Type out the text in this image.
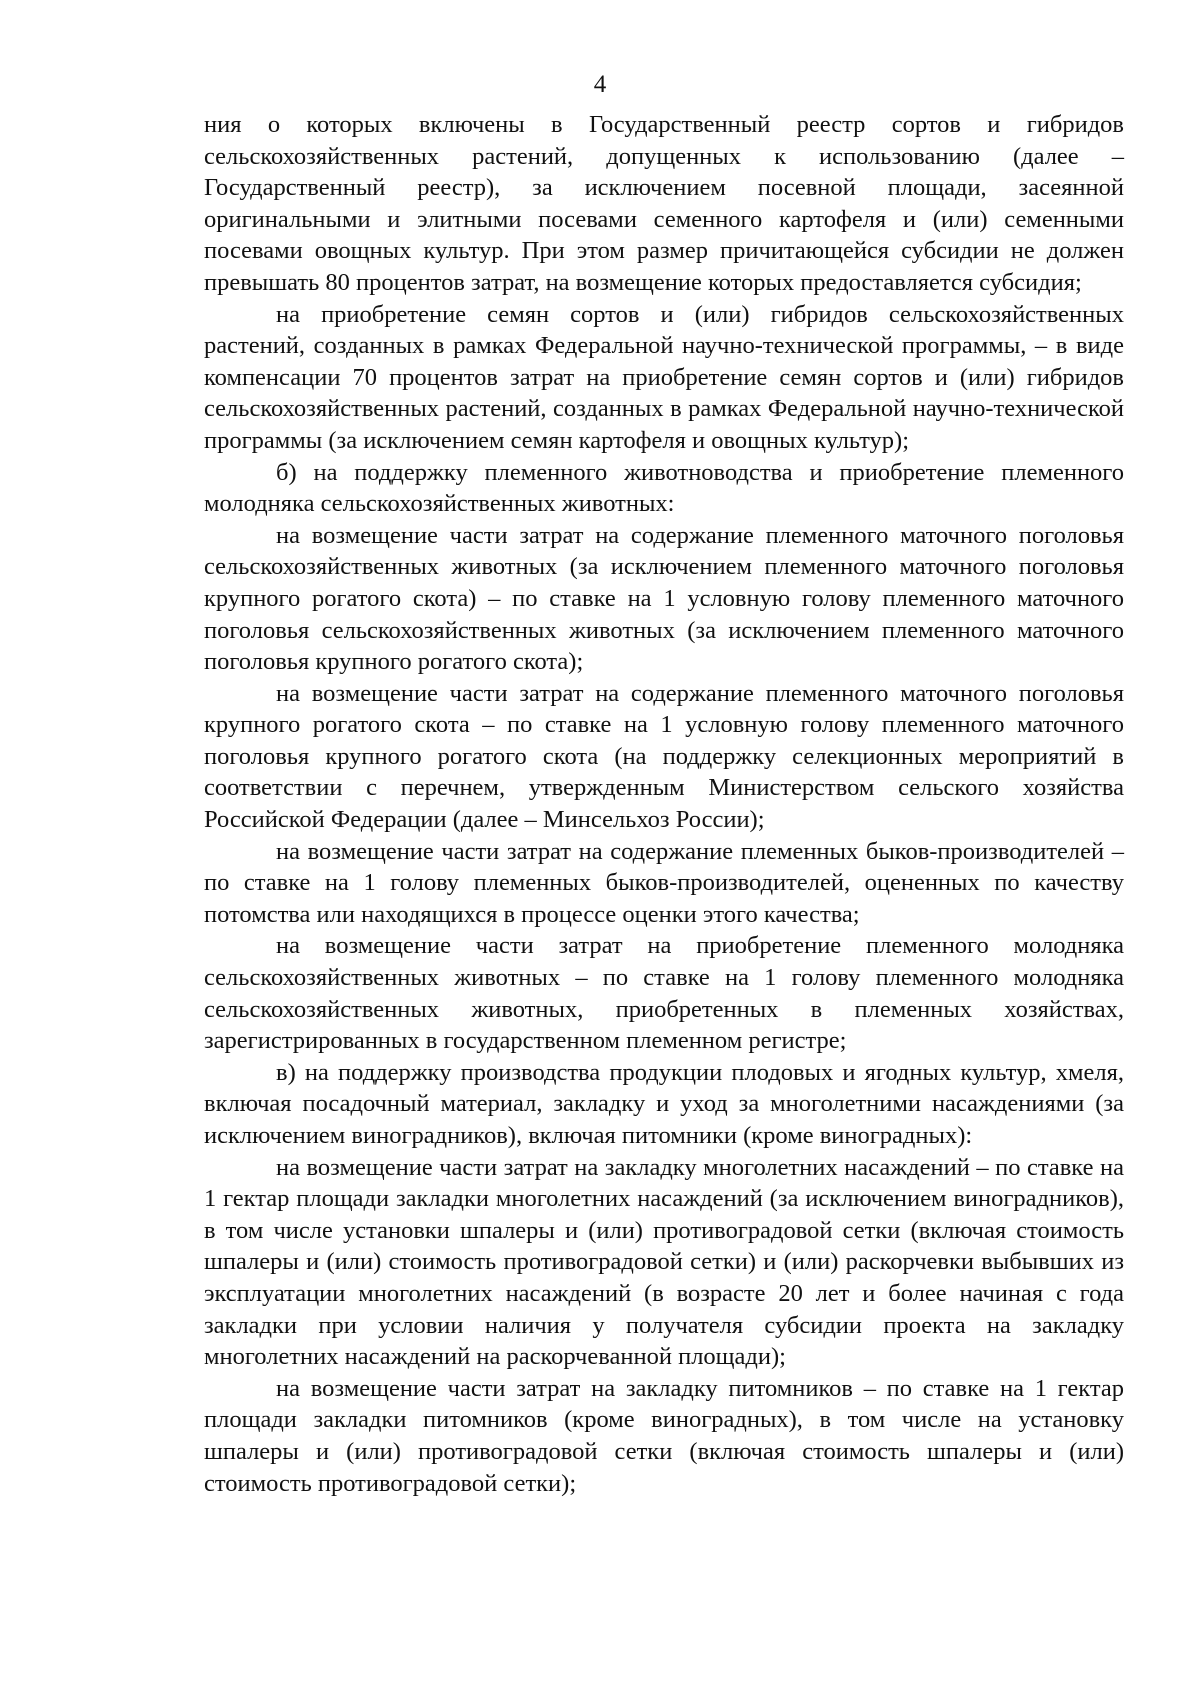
4

ния о которых включены в Государственный реестр сортов и гибридов сельскохозяйственных растений, допущенных к использованию (далее – Государственный реестр), за исключением посевной площади, засеянной оригинальными и элитными посевами семенного картофеля и (или) семенными посевами овощных культур. При этом размер причитающейся субсидии не должен превышать 80 процентов затрат, на возмещение которых предоставляется субсидия;

на приобретение семян сортов и (или) гибридов сельскохозяйственных растений, созданных в рамках Федеральной научно-технической программы, – в виде компенсации 70 процентов затрат на приобретение семян сортов и (или) гибридов сельскохозяйственных растений, созданных в рамках Федеральной научно-технической программы (за исключением семян картофеля и овощных культур);

б) на поддержку племенного животноводства и приобретение племенного молодняка сельскохозяйственных животных:

на возмещение части затрат на содержание племенного маточного поголовья сельскохозяйственных животных (за исключением племенного маточного поголовья крупного рогатого скота) – по ставке на 1 условную голову племенного маточного поголовья сельскохозяйственных животных (за исключением племенного маточного поголовья крупного рогатого скота);

на возмещение части затрат на содержание племенного маточного поголовья крупного рогатого скота – по ставке на 1 условную голову племенного маточного поголовья крупного рогатого скота (на поддержку селекционных мероприятий в соответствии с перечнем, утвержденным Министерством сельского хозяйства Российской Федерации (далее – Минсельхоз России);

на возмещение части затрат на содержание племенных быков-производителей – по ставке на 1 голову племенных быков-производителей, оцененных по качеству потомства или находящихся в процессе оценки этого качества;

на возмещение части затрат на приобретение племенного молодняка сельскохозяйственных животных – по ставке на 1 голову племенного молодняка сельскохозяйственных животных, приобретенных в племенных хозяйствах, зарегистрированных в государственном племенном регистре;

в) на поддержку производства продукции плодовых и ягодных культур, хмеля, включая посадочный материал, закладку и уход за многолетними насаждениями (за исключением виноградников), включая питомники (кроме виноградных):

на возмещение части затрат на закладку многолетних насаждений – по ставке на 1 гектар площади закладки многолетних насаждений (за исключением виноградников), в том числе установки шпалеры и (или) противоградовой сетки (включая стоимость шпалеры и (или) стоимость противоградовой сетки) и (или) раскорчевки выбывших из эксплуатации многолетних насаждений (в возрасте 20 лет и более начиная с года закладки при условии наличия у получателя субсидии проекта на закладку многолетних насаждений на раскорчеванной площади);

на возмещение части затрат на закладку питомников – по ставке на 1 гектар площади закладки питомников (кроме виноградных), в том числе на установку шпалеры и (или) противоградовой сетки (включая стоимость шпалеры и (или) стоимость противоградовой сетки);
